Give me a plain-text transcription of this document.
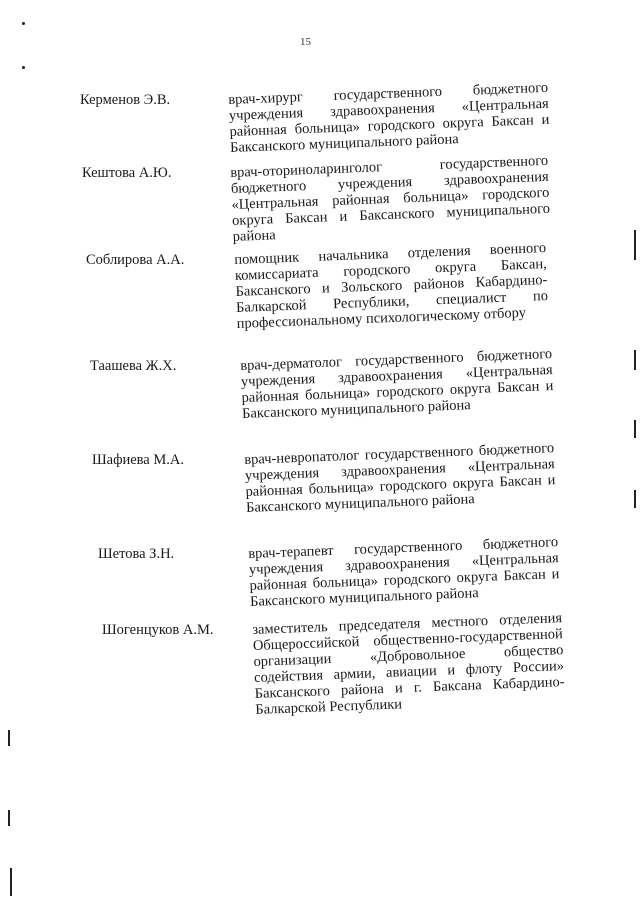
15
Керменов Э.В.	врач-хирург государственного бюджетного учреждения здравоохранения «Центральная районная больница» городского округа Баксан и Баксанского муниципального района
Кештова А.Ю.	врач-оториноларинголог государственного бюджетного учреждения здравоохранения «Центральная районная больница» городского округа Баксан и Баксанского муниципального района
Соблирова А.А.	помощник начальника отделения военного комиссариата городского округа Баксан, Баксанского и Зольского районов Кабардино-Балкарской Республики, специалист по профессиональному психологическому отбору
Таашева Ж.Х.	врач-дерматолог государственного бюджетного учреждения здравоохранения «Центральная районная больница» городского округа Баксан и Баксанского муниципального района
Шафиева М.А.	врач-невропатолог государственного бюджетного учреждения здравоохранения «Центральная районная больница» городского округа Баксан и Баксанского муниципального района
Шетова З.Н.	врач-терапевт государственного бюджетного учреждения здравоохранения «Центральная районная больница» городского округа Баксан и Баксанского муниципального района
Шогенцуков А.М.	заместитель председателя местного отделения Общероссийской общественно-государственной организации «Добровольное общество содействия армии, авиации и флоту России» Баксанского района и г. Баксана Кабардино-Балкарской Республики
